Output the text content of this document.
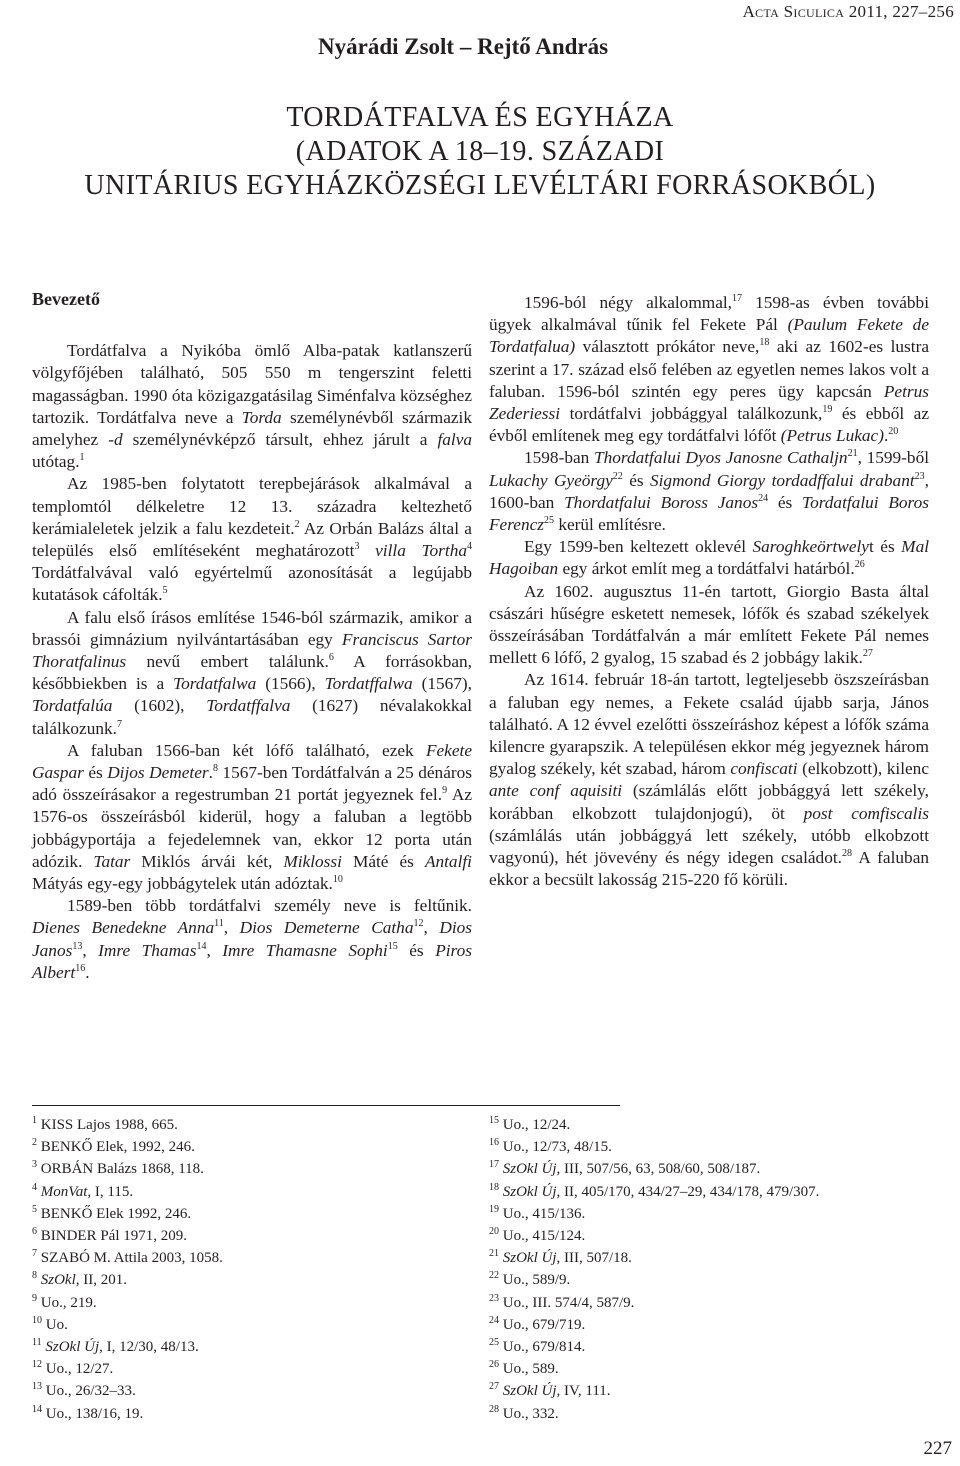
Acta Siculica 2011, 227–256
Nyárádi Zsolt – Rejtő András
TORDÁTFALVA ÉS EGYHÁZA
(ADATOK A 18–19. SZÁZADI
UNITÁRIUS EGYHÁZKÖZSÉGI LEVÉLTÁRI FORRÁSOKBÓL)

Bevezető

Tordátfalva a Nyikóba ömlő Alba-patak katlanszerű völgyfőjében található, 505 550 m tengerszint feletti magasságban. 1990 óta közigazgatásilag Siménfalva községhez tartozik. Tordátfalva neve a Torda személynévből származik amelyhez -d személynévképző társult, ehhez járult a falva utótag.$^1$

Az 1985-ben folytatott terepbejárások alkalmával a templomtól délkeletre 12 13. századra keltezhető kerámialeletek jelzik a falu kezdeteit.$^2$ Az Orbán Balázs által a település első említéseként meghatározott$^3$ villa Tortha$^4$ Tordátfalvával való egyértelmű azonosítását a legújabb kutatások cáfolták.$^5$

A falu első írásos említése 1546-ból származik, amikor a brassói gimnázium nyilvántartásában egy Franciscus Sartor Thoratfalinus nevű embert találunk.$^6$ A forrásokban, későbbiekben is a Tordatfalwa (1566), Tordatffalwa (1567), Tordatfalúa (1602), Tordatffalva (1627) névalakokkal találkozunk.$^7$

A faluban 1566-ban két lófő található, ezek Fekete Gaspar és Dijos Demeter.$^8$ 1567-ben Tordátfalván a 25 dénáros adó összeírásakor a regestrumban 21 portát jegyeznek fel.$^9$ Az 1576-os összeírásból kiderül, hogy a faluban a legtöbb jobbágyportája a fejedelemnek van, ekkor 12 porta után adózik. Tatar Miklós árvái két, Miklossi Máté és Antalfi Mátyás egy-egy jobbágytelek után adóztak.$^{10}$

1589-ben több tordátfalvi személy neve is feltűnik. Dienes Benedekne Anna$^{11}$, Dios Demeterne Catha$^{12}$, Dios Janos$^{13}$, Imre Thamas$^{14}$, Imre Thamasne Sophi$^{15}$ és Piros Albert$^{16}$.

1596-ból négy alkalommal,$^{17}$ 1598-as évben további ügyek alkalmával tűnik fel Fekete Pál (Paulum Fekete de Tordatfalua) választott prókátor neve,$^{18}$ aki az 1602-es lustra szerint a 17. század első felében az egyetlen nemes lakos volt a faluban. 1596-ból szintén egy peres ügy kapcsán Petrus Zederiessi tordátfalvi jobbággyal találkozunk,$^{19}$ és ebből az évből említenek meg egy tordátfalvi lófőt (Petrus Lukac).$^{20}$

1598-ban Thordatfalui Dyos Janosne Cathaljn$^{21}$, 1599-ből Lukachy Gyeörgy$^{22}$ és Sigmond Giorgy tordadffalui drabant$^{23}$, 1600-ban Thordatfalui Boross Janos$^{24}$ és Tordatfalui Boros Ferencz$^{25}$ kerül említésre.

Egy 1599-ben keltezett oklevél Saroghkeörtwelyt és Mal Hagoiban egy árkot említ meg a tordátfalvi határból.$^{26}$

Az 1602. augusztus 11-én tartott, Giorgio Basta által császári hűségre esketett nemesek, lófők és szabad székelyek összeírásában Tordátfalván a már említett Fekete Pál nemes mellett 6 lófő, 2 gyalog, 15 szabad és 2 jobbágy lakik.$^{27}$

Az 1614. február 18-án tartott, legteljesebb öszszeírásban a faluban egy nemes, a Fekete család újabb sarja, János található. A 12 évvel ezelőtti összeíráshoz képest a lófők száma kilencre gyarapszik. A településen ekkor még jegyeznek három gyalog székely, két szabad, három confiscati (elkobzott), kilenc ante conf aquisiti (számlálás előtt jobbággyá lett székely, korábban elkobzott tulajdonjogú), öt post comfiscalis (számlálás után jobbággyá lett székely, utóbb elkobzott vagyonú), hét jövevény és négy idegen családot.$^{28}$ A faluban ekkor a becsült lakosság 215-220 fő körüli.

$^1$ KISS Lajos 1988, 665.
$^2$ BENKŐ Elek, 1992, 246.
$^3$ ORBÁN Balázs 1868, 118.
$^4$ MonVat, I, 115.
$^5$ BENKŐ Elek 1992, 246.
$^6$ BINDER Pál 1971, 209.
$^7$ SZABÓ M. Attila 2003, 1058.
$^8$ SzOkl, II, 201.
$^9$ Uo., 219.
$^{10}$ Uo.
$^{11}$ SzOkl Új, I, 12/30, 48/13.
$^{12}$ Uo., 12/27.
$^{13}$ Uo., 26/32–33.
$^{14}$ Uo., 138/16, 19.
$^{15}$ Uo., 12/24.
$^{16}$ Uo., 12/73, 48/15.
$^{17}$ SzOkl Új, III, 507/56, 63, 508/60, 508/187.
$^{18}$ SzOkl Új, II, 405/170, 434/27–29, 434/178, 479/307.
$^{19}$ Uo., 415/136.
$^{20}$ Uo., 415/124.
$^{21}$ SzOkl Új, III, 507/18.
$^{22}$ Uo., 589/9.
$^{23}$ Uo., III. 574/4, 587/9.
$^{24}$ Uo., 679/719.
$^{25}$ Uo., 679/814.
$^{26}$ Uo., 589.
$^{27}$ SzOkl Új, IV, 111.
$^{28}$ Uo., 332.
227
